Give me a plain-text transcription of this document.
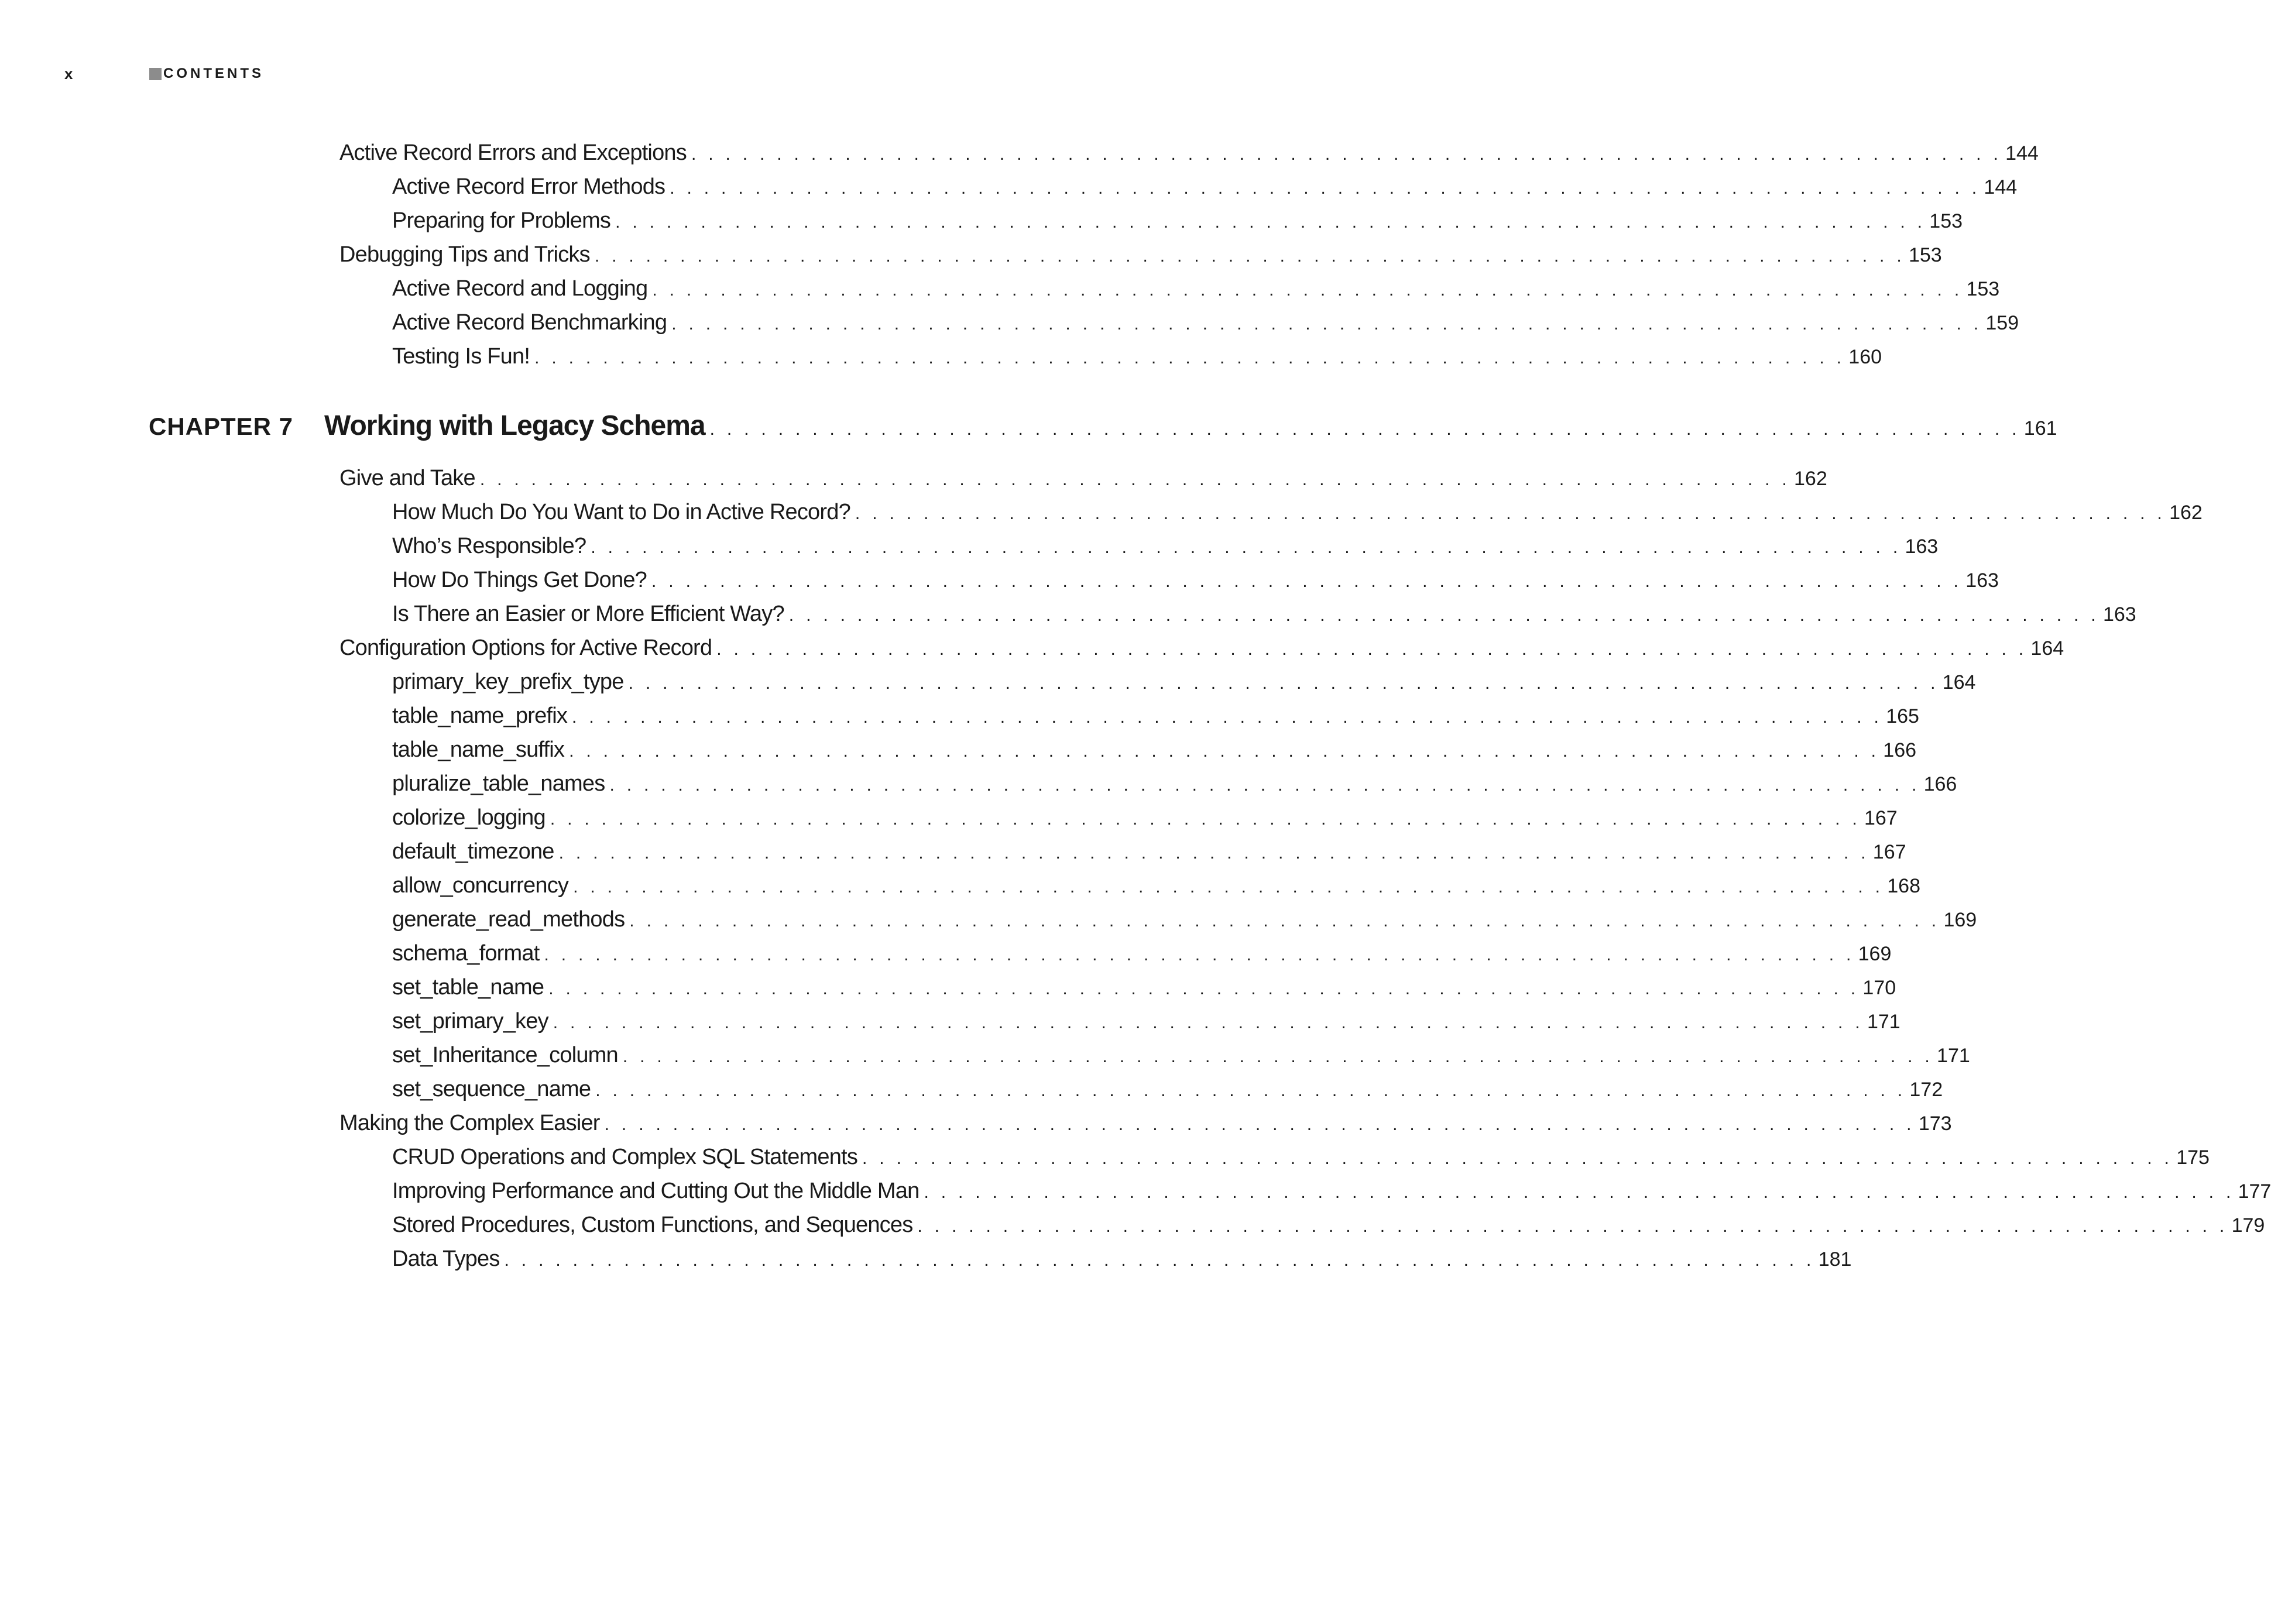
x	CONTENTS
Active Record Errors and Exceptions . . . . . . . . . . . . . . . . . . . . . . . . . . . . . . . . . . . . . . . . . . . . . . . . . . . . . . . . . . . . . . . . . . . . . . . . . . . . . 144
Active Record Error Methods . . . . . . . . . . . . . . . . . . . . . . . . . . . . . . . . . . . . . . . . . . . . . . . . . . . . . . . . . . . . . . . . . . . . . . . . . . . . . 144
Preparing for Problems . . . . . . . . . . . . . . . . . . . . . . . . . . . . . . . . . . . . . . . . . . . . . . . . . . . . . . . . . . . . . . . . . . . . . . . . . . . . . 153
Debugging Tips and Tricks . . . . . . . . . . . . . . . . . . . . . . . . . . . . . . . . . . . . . . . . . . . . . . . . . . . . . . . . . . . . . . . . . . . . . . . . . . . . . 153
Active Record and Logging . . . . . . . . . . . . . . . . . . . . . . . . . . . . . . . . . . . . . . . . . . . . . . . . . . . . . . . . . . . . . . . . . . . . . . . . . . . . . 153
Active Record Benchmarking . . . . . . . . . . . . . . . . . . . . . . . . . . . . . . . . . . . . . . . . . . . . . . . . . . . . . . . . . . . . . . . . . . . . . . . . . . . . . 159
Testing Is Fun! . . . . . . . . . . . . . . . . . . . . . . . . . . . . . . . . . . . . . . . . . . . . . . . . . . . . . . . . . . . . . . . . . . . . . . . . . . . . . 160
CHAPTER 7	Working with Legacy Schema . . . . . . . . . . . . . . . . . . . . . . . . . . . . . . . . . . . . . . . . . . . . . . . . . . . . . . . . . . . . . . . . . . . . . . . . . . . . . 161
Give and Take . . . . . . . . . . . . . . . . . . . . . . . . . . . . . . . . . . . . . . . . . . . . . . . . . . . . . . . . . . . . . . . . . . . . . . . . . . . . . 162
How Much Do You Want to Do in Active Record? . . . . . . . . . . . . . . . . . . . . . . . . . . . . . . . . . . . . . . . . . . . . . . . . . . . . . . . . . . . . . . . . . . . . . . . . . . . . . 162
Who’s Responsible? . . . . . . . . . . . . . . . . . . . . . . . . . . . . . . . . . . . . . . . . . . . . . . . . . . . . . . . . . . . . . . . . . . . . . . . . . . . . . 163
How Do Things Get Done? . . . . . . . . . . . . . . . . . . . . . . . . . . . . . . . . . . . . . . . . . . . . . . . . . . . . . . . . . . . . . . . . . . . . . . . . . . . . . 163
Is There an Easier or More Efficient Way? . . . . . . . . . . . . . . . . . . . . . . . . . . . . . . . . . . . . . . . . . . . . . . . . . . . . . . . . . . . . . . . . . . . . . . . . . . . . . 163
Configuration Options for Active Record . . . . . . . . . . . . . . . . . . . . . . . . . . . . . . . . . . . . . . . . . . . . . . . . . . . . . . . . . . . . . . . . . . . . . . . . . . . . . 164
primary_key_prefix_type . . . . . . . . . . . . . . . . . . . . . . . . . . . . . . . . . . . . . . . . . . . . . . . . . . . . . . . . . . . . . . . . . . . . . . . . . . . . . 164
table_name_prefix . . . . . . . . . . . . . . . . . . . . . . . . . . . . . . . . . . . . . . . . . . . . . . . . . . . . . . . . . . . . . . . . . . . . . . . . . . . . . 165
table_name_suffix . . . . . . . . . . . . . . . . . . . . . . . . . . . . . . . . . . . . . . . . . . . . . . . . . . . . . . . . . . . . . . . . . . . . . . . . . . . . . 166
pluralize_table_names . . . . . . . . . . . . . . . . . . . . . . . . . . . . . . . . . . . . . . . . . . . . . . . . . . . . . . . . . . . . . . . . . . . . . . . . . . . . . 166
colorize_logging . . . . . . . . . . . . . . . . . . . . . . . . . . . . . . . . . . . . . . . . . . . . . . . . . . . . . . . . . . . . . . . . . . . . . . . . . . . . . 167
default_timezone . . . . . . . . . . . . . . . . . . . . . . . . . . . . . . . . . . . . . . . . . . . . . . . . . . . . . . . . . . . . . . . . . . . . . . . . . . . . . 167
allow_concurrency . . . . . . . . . . . . . . . . . . . . . . . . . . . . . . . . . . . . . . . . . . . . . . . . . . . . . . . . . . . . . . . . . . . . . . . . . . . . . 168
generate_read_methods . . . . . . . . . . . . . . . . . . . . . . . . . . . . . . . . . . . . . . . . . . . . . . . . . . . . . . . . . . . . . . . . . . . . . . . . . . . . . 169
schema_format . . . . . . . . . . . . . . . . . . . . . . . . . . . . . . . . . . . . . . . . . . . . . . . . . . . . . . . . . . . . . . . . . . . . . . . . . . . . . 169
set_table_name . . . . . . . . . . . . . . . . . . . . . . . . . . . . . . . . . . . . . . . . . . . . . . . . . . . . . . . . . . . . . . . . . . . . . . . . . . . . . 170
set_primary_key . . . . . . . . . . . . . . . . . . . . . . . . . . . . . . . . . . . . . . . . . . . . . . . . . . . . . . . . . . . . . . . . . . . . . . . . . . . . . 171
set_Inheritance_column . . . . . . . . . . . . . . . . . . . . . . . . . . . . . . . . . . . . . . . . . . . . . . . . . . . . . . . . . . . . . . . . . . . . . . . . . . . . . 171
set_sequence_name . . . . . . . . . . . . . . . . . . . . . . . . . . . . . . . . . . . . . . . . . . . . . . . . . . . . . . . . . . . . . . . . . . . . . . . . . . . . . 172
Making the Complex Easier . . . . . . . . . . . . . . . . . . . . . . . . . . . . . . . . . . . . . . . . . . . . . . . . . . . . . . . . . . . . . . . . . . . . . . . . . . . . . 173
CRUD Operations and Complex SQL Statements . . . . . . . . . . . . . . . . . . . . . . . . . . . . . . . . . . . . . . . . . . . . . . . . . . . . . . . . . . . . . . . . . . . . . . . . . . . . . 175
Improving Performance and Cutting Out the Middle Man . . . . . . . . . . . . . . . . . . . . . . . . . . . . . . . . . . . . . . . . . . . . . . . . . . . . . . . . . . . . . . . . . . . . . . . . . . . . . 177
Stored Procedures, Custom Functions, and Sequences . . . . . . . . . . . . . . . . . . . . . . . . . . . . . . . . . . . . . . . . . . . . . . . . . . . . . . . . . . . . . . . . . . . . . . . . . . . . . 179
Data Types . . . . . . . . . . . . . . . . . . . . . . . . . . . . . . . . . . . . . . . . . . . . . . . . . . . . . . . . . . . . . . . . . . . . . . . . . . . . . 181
